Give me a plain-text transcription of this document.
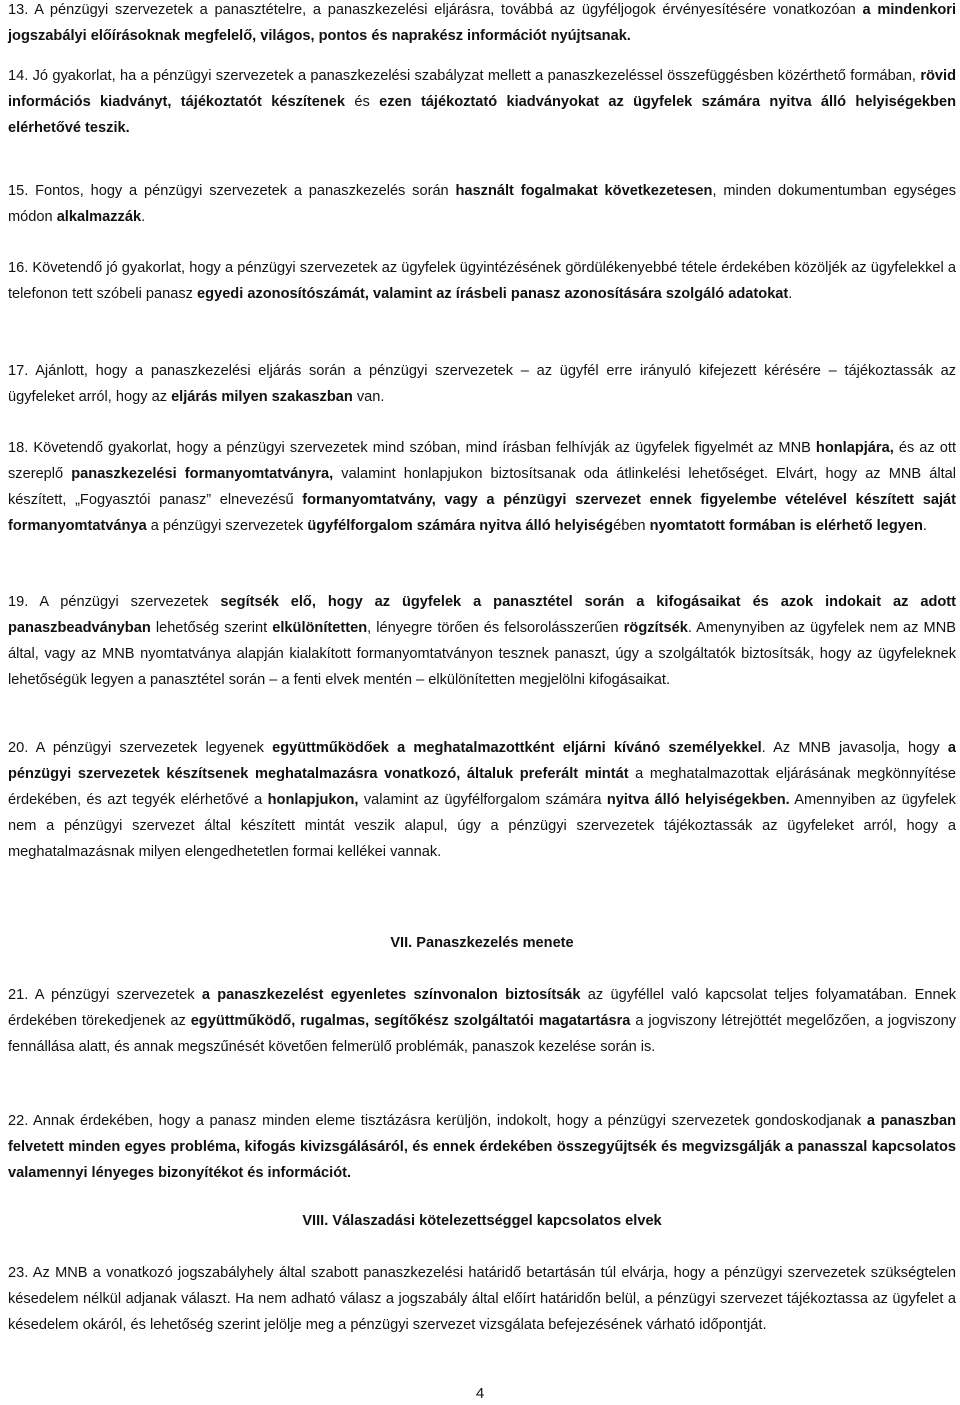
13. A pénzügyi szervezetek a panasztételre, a panaszkezelési eljárásra, továbbá az ügyféljogok érvényesítésére vonatkozóan a mindenkori jogszabályi előírásoknak megfelelő, világos, pontos és naprakész információt nyújtsanak.

14. Jó gyakorlat, ha a pénzügyi szervezetek a panaszkezelési szabályzat mellett a panaszkezeléssel összefüggésben közérthető formában, rövid információs kiadványt, tájékoztatót készítenek és ezen tájékoztató kiadványokat az ügyfelek számára nyitva álló helyiségekben elérhetővé teszik.

15. Fontos, hogy a pénzügyi szervezetek a panaszkezelés során használt fogalmakat következetesen, minden dokumentumban egységes módon alkalmazzák.

16. Követendő jó gyakorlat, hogy a pénzügyi szervezetek az ügyfelek ügyintézésének gördülékenyebbé tétele érdekében közöljék az ügyfelekkel a telefonon tett szóbeli panasz egyedi azonosítószámát, valamint az írásbeli panasz azonosítására szolgáló adatokat.

17. Ajánlott, hogy a panaszkezelési eljárás során a pénzügyi szervezetek – az ügyfél erre irányuló kifejezett kérésére – tájékoztassák az ügyfeleket arról, hogy az eljárás milyen szakaszban van.

18. Követendő gyakorlat, hogy a pénzügyi szervezetek mind szóban, mind írásban felhívják az ügyfelek figyelmét az MNB honlapjára, és az ott szereplő panaszkezelési formanyomtatványra, valamint honlapjukon biztosítsanak oda átlinkelési lehetőséget. Elvárt, hogy az MNB által készített, „Fogyasztói panasz” elnevezésű formanyomtatvány, vagy a pénzügyi szervezet ennek figyelembe vételével készített saját formanyomtatványa a pénzügyi szervezetek ügyfélforgalom számára nyitva álló helyiségében nyomtatott formában is elérhető legyen.

19. A pénzügyi szervezetek segítsék elő, hogy az ügyfelek a panasztétel során a kifogásaikat és azok indokait az adott panaszbeadványban lehetőség szerint elkülönítetten, lényegre törően és felsorolásszerűen rögzítsék. Amenynyiben az ügyfelek nem az MNB által, vagy az MNB nyomtatványa alapján kialakított formanyomtatványon tesznek panaszt, úgy a szolgáltatók biztosítsák, hogy az ügyfeleknek lehetőségük legyen a panasztétel során – a fenti elvek mentén – elkülönítetten megjelölni kifogásaikat.

20. A pénzügyi szervezetek legyenek együttműködőek a meghatalmazottként eljárni kívánó személyekkel. Az MNB javasolja, hogy a pénzügyi szervezetek készítsenek meghatalmazásra vonatkozó, általuk preferált mintát a meghatalmazottak eljárásának megkönnyítése érdekében, és azt tegyék elérhetővé a honlapjukon, valamint az ügyfélforgalom számára nyitva álló helyiségekben. Amennyiben az ügyfelek nem a pénzügyi szervezet által készített mintát veszik alapul, úgy a pénzügyi szervezetek tájékoztassák az ügyfeleket arról, hogy a meghatalmazásnak milyen elengedhetetlen formai kellékei vannak.

VII. Panaszkezelés menete

21. A pénzügyi szervezetek a panaszkezelést egyenletes színvonalon biztosítsák az ügyféllel való kapcsolat teljes folyamatában. Ennek érdekében törekedjenek az együttműködő, rugalmas, segítőkész szolgáltatói magatartásra a jogviszony létrejöttét megelőzően, a jogviszony fennállása alatt, és annak megszűnését követően felmerülő problémák, panaszok kezelése során is.

22. Annak érdekében, hogy a panasz minden eleme tisztázásra kerüljön, indokolt, hogy a pénzügyi szervezetek gondoskodjanak a panaszban felvetett minden egyes probléma, kifogás kivizsgálásáról, és ennek érdekében összegyűjtsék és megvizsgálják a panasszal kapcsolatos valamennyi lényeges bizonyítékot és információt.

VIII. Válaszadási kötelezettséggel kapcsolatos elvek

23. Az MNB a vonatkozó jogszabályhely által szabott panaszkezelési határidő betartásán túl elvárja, hogy a pénzügyi szervezetek szükségtelen késedelem nélkül adjanak választ. Ha nem adható válasz a jogszabály által előírt határidőn belül, a pénzügyi szervezet tájékoztassa az ügyfelet a késedelem okáról, és lehetőség szerint jelölje meg a pénzügyi szervezet vizsgálata befejezésének várható időpontját.

4
